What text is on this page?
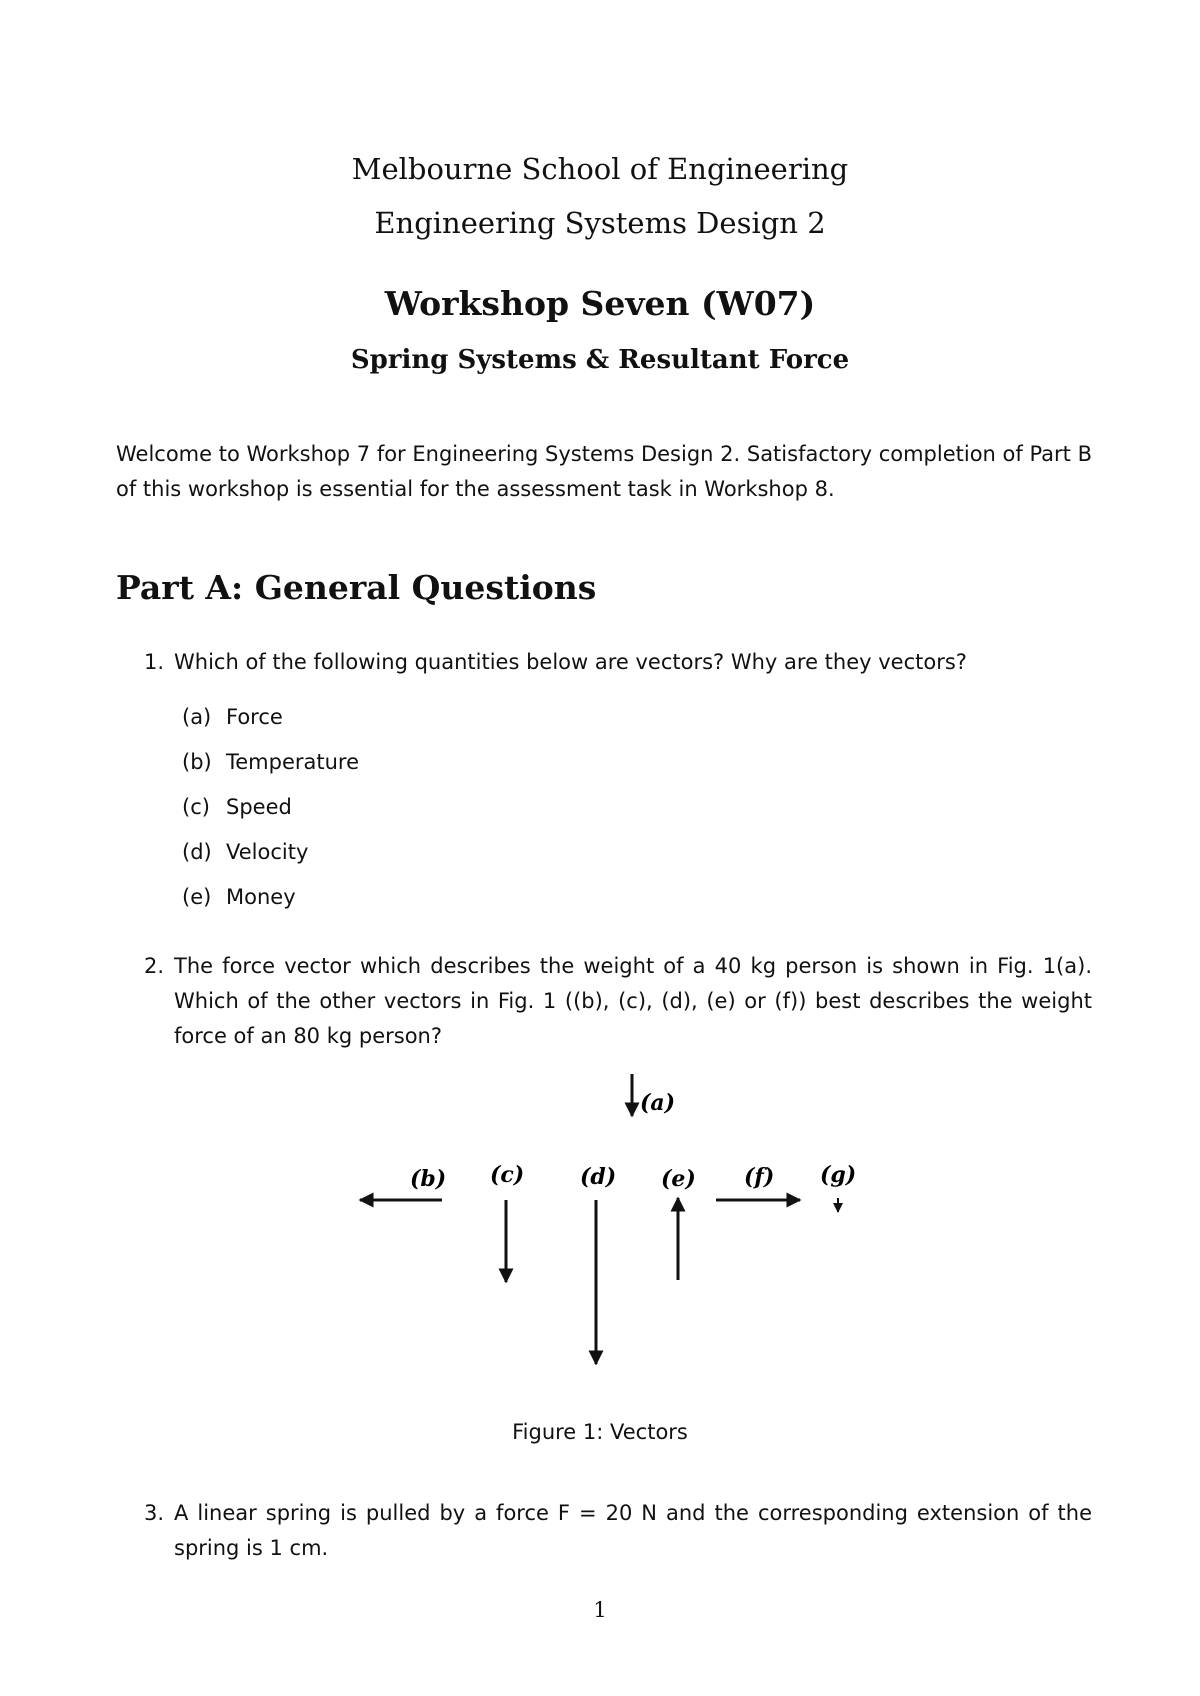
Melbourne School of Engineering
Engineering Systems Design 2
Workshop Seven (W07)
Spring Systems & Resultant Force
Welcome to Workshop 7 for Engineering Systems Design 2. Satisfactory completion of Part B of this workshop is essential for the assessment task in Workshop 8.
Part A: General Questions
1. Which of the following quantities below are vectors? Why are they vectors?
(a) Force
(b) Temperature
(c) Speed
(d) Velocity
(e) Money
2. The force vector which describes the weight of a 40 kg person is shown in Fig. 1(a). Which of the other vectors in Fig. 1 ((b), (c), (d), (e) or (f)) best describes the weight force of an 80 kg person?
(a)
(b) (c)	(d) (e) (f) (g)
Figure 1: Vectors
3. A linear spring is pulled by a force F = 20 N and the corresponding extension of the spring is 1 cm.
1
